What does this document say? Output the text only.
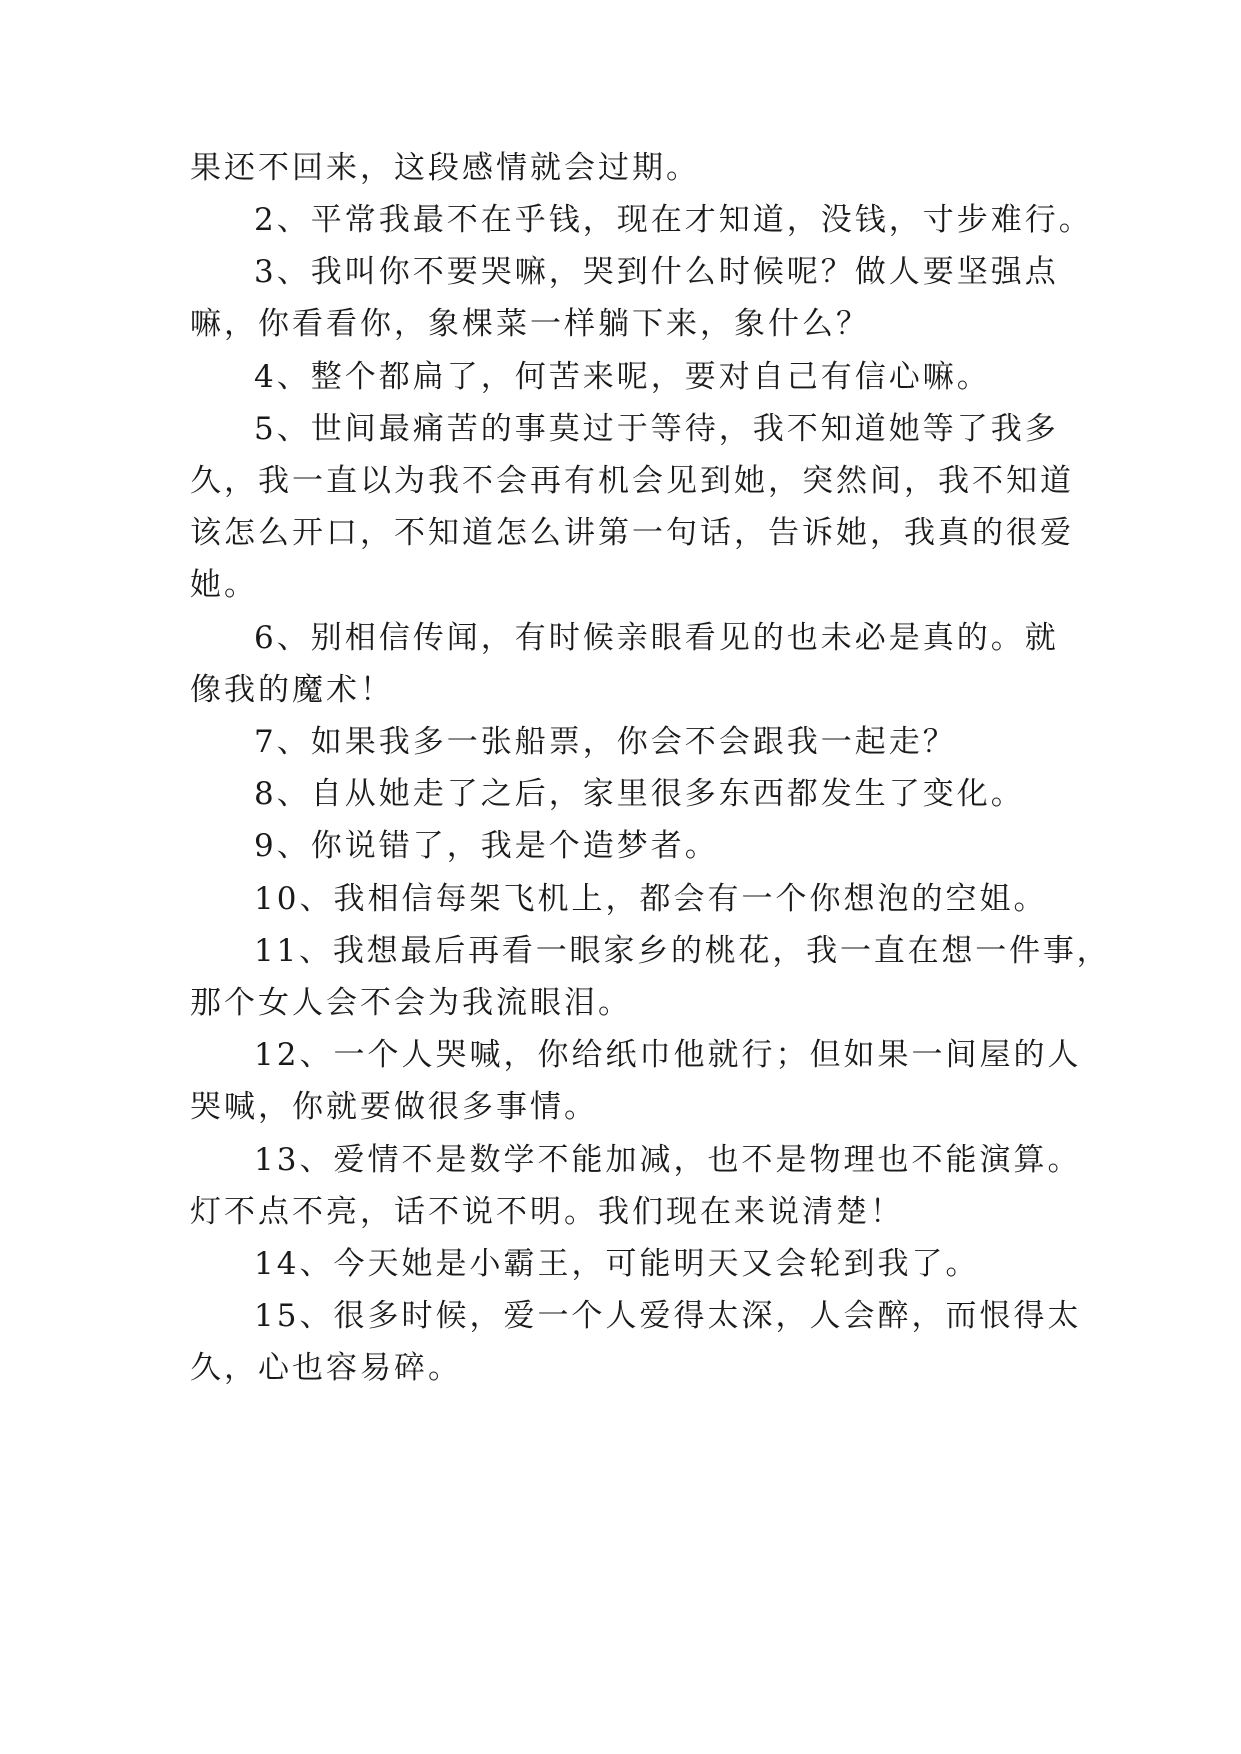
果还不回来，这段感情就会过期。
2、平常我最不在乎钱，现在才知道，没钱，寸步难行。
3、我叫你不要哭嘛，哭到什么时候呢？做人要坚强点
嘛，你看看你，象棵菜一样躺下来，象什么？
4、整个都扁了，何苦来呢，要对自己有信心嘛。
5、世间最痛苦的事莫过于等待，我不知道她等了我多
久，我一直以为我不会再有机会见到她，突然间，我不知道
该怎么开口，不知道怎么讲第一句话，告诉她，我真的很爱
她。
6、别相信传闻，有时候亲眼看见的也未必是真的。就
像我的魔术！
7、如果我多一张船票，你会不会跟我一起走？
8、自从她走了之后，家里很多东西都发生了变化。
9、你说错了，我是个造梦者。
10、我相信每架飞机上，都会有一个你想泡的空姐。
11、我想最后再看一眼家乡的桃花，我一直在想一件事，
那个女人会不会为我流眼泪。
12、一个人哭喊，你给纸巾他就行；但如果一间屋的人
哭喊，你就要做很多事情。
13、爱情不是数学不能加减，也不是物理也不能演算。
灯不点不亮，话不说不明。我们现在来说清楚！
14、今天她是小霸王，可能明天又会轮到我了。
15、很多时候，爱一个人爱得太深，人会醉，而恨得太
久，心也容易碎。
